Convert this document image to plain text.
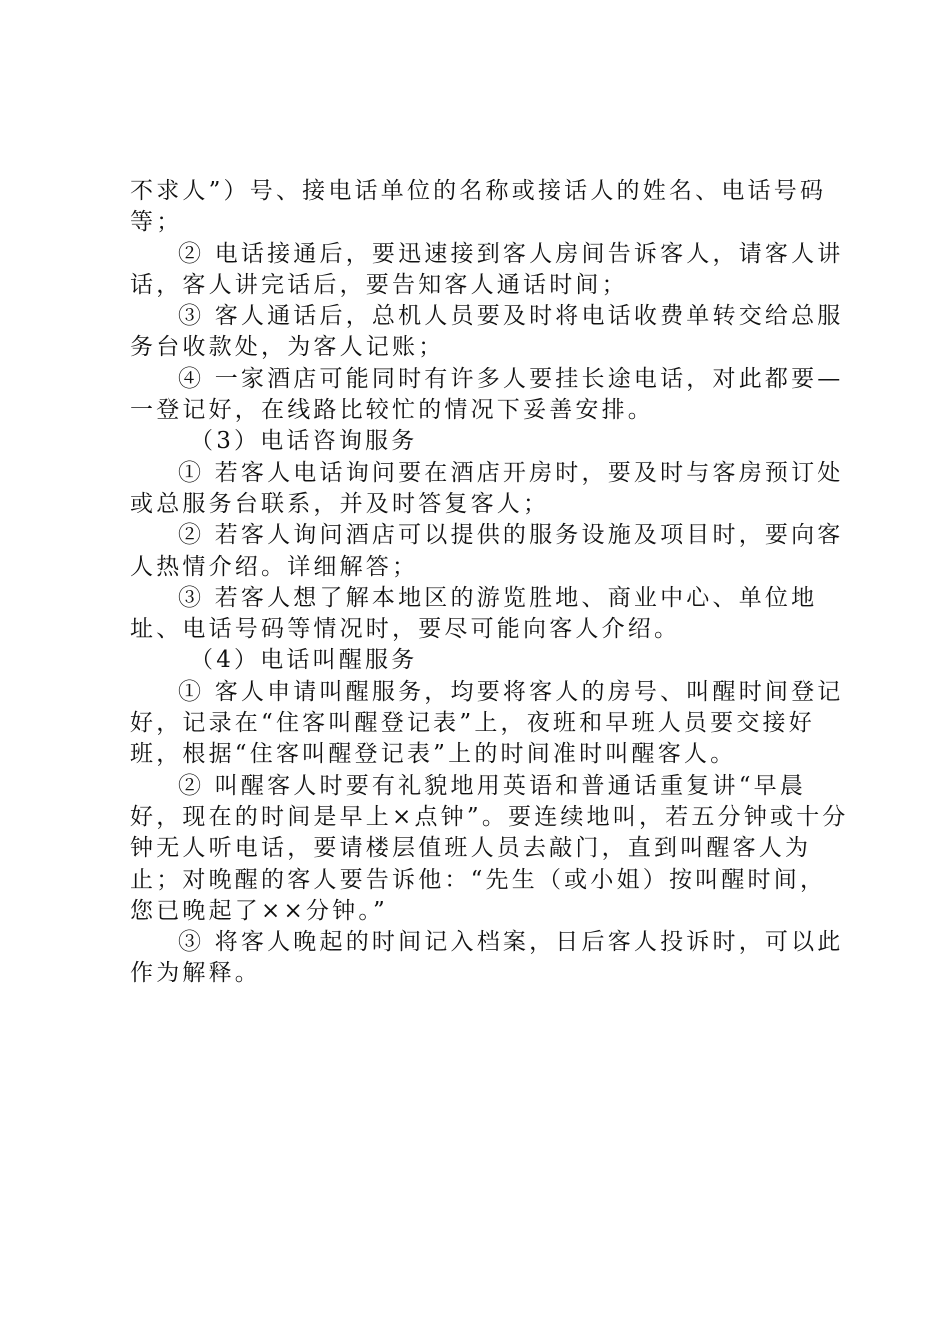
不求人”）号、接电话单位的名称或接话人的姓名、电话号码等；

② 电话接通后，要迅速接到客人房间告诉客人，请客人讲话，客人讲完话后，要告知客人通话时间；

③ 客人通话后，总机人员要及时将电话收费单转交给总服务台收款处，为客人记账；

④ 一家酒店可能同时有许多人要挂长途电话，对此都要—一登记好，在线路比较忙的情况下妥善安排。

（3）电话咨询服务

① 若客人电话询问要在酒店开房时，要及时与客房预订处或总服务台联系，并及时答复客人；

② 若客人询问酒店可以提供的服务设施及项目时，要向客人热情介绍。详细解答；

③ 若客人想了解本地区的游览胜地、商业中心、单位地址、电话号码等情况时，要尽可能向客人介绍。

（4）电话叫醒服务

① 客人申请叫醒服务，均要将客人的房号、叫醒时间登记好，记录在“住客叫醒登记表”上，夜班和早班人员要交接好班，根据“住客叫醒登记表”上的时间准时叫醒客人。

② 叫醒客人时要有礼貌地用英语和普通话重复讲“早晨好，现在的时间是早上×点钟”。要连续地叫，若五分钟或十分钟无人听电话，要请楼层值班人员去敲门，直到叫醒客人为止；对晚醒的客人要告诉他：“先生（或小姐）按叫醒时间，您已晚起了××分钟。”

③ 将客人晚起的时间记入档案，日后客人投诉时，可以此作为解释。
